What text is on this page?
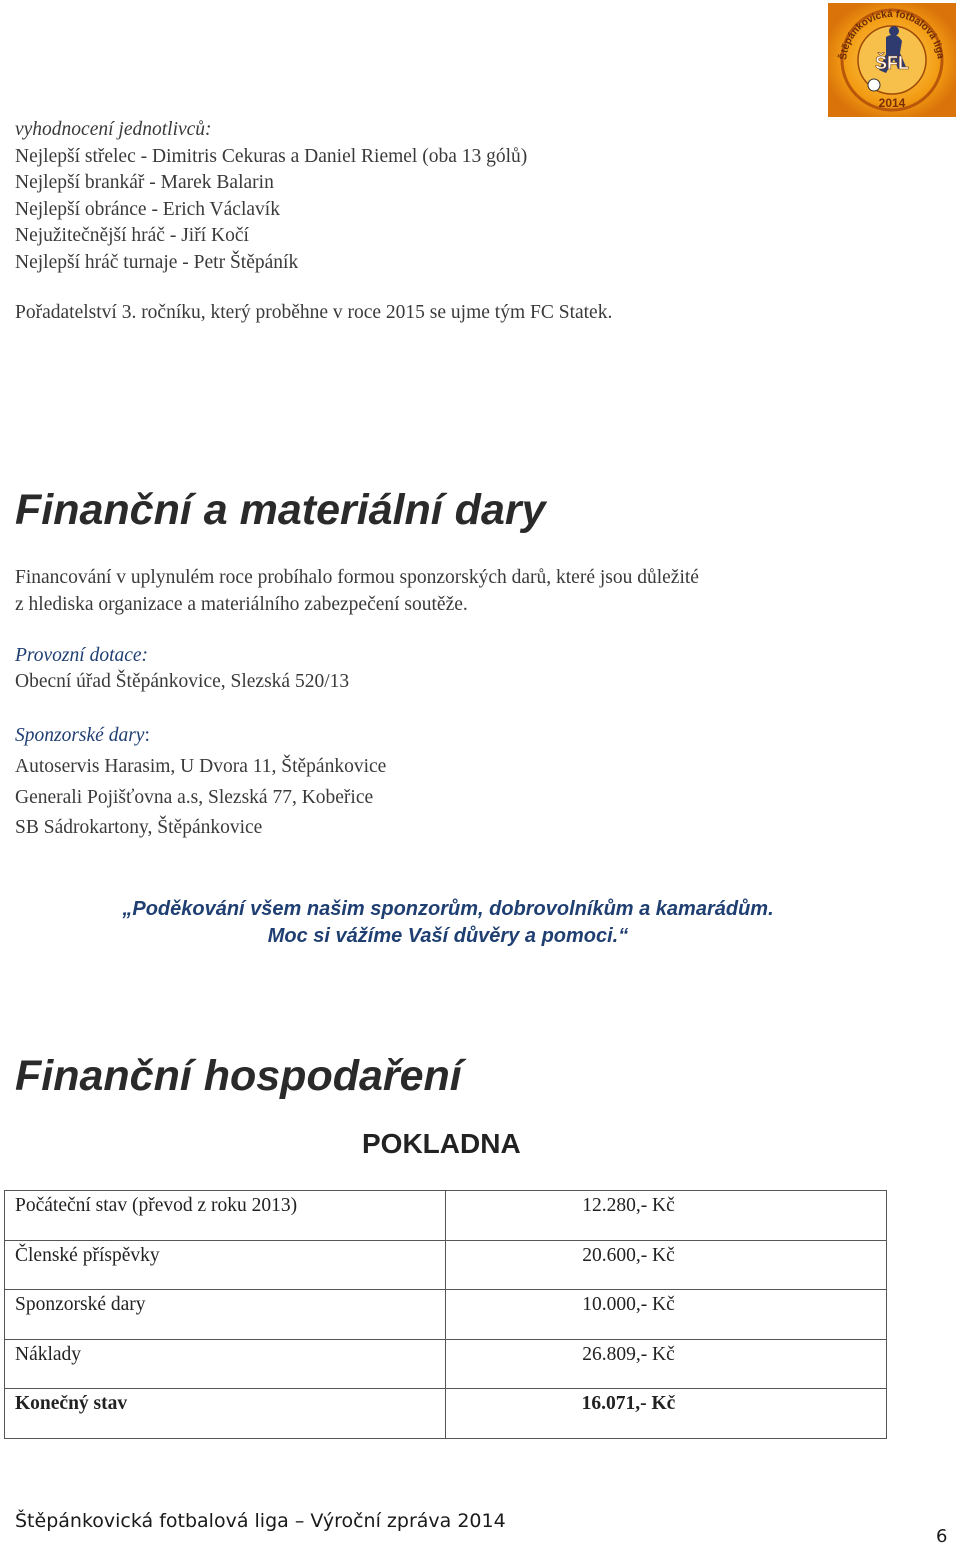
ŠFL
2014
Štěpánkovická fotbalová liga
vyhodnocení jednotlivců:
Nejlepší střelec - Dimitris Cekuras a Daniel Riemel (oba 13 gólů)
Nejlepší brankář - Marek Balarin
Nejlepší obránce - Erich Václavík
Nejužitečnější hráč - Jiří Kočí
Nejlepší hráč turnaje - Petr Štěpáník
Pořadatelství 3. ročníku, který proběhne v roce 2015 se ujme tým FC Statek.
Finanční a materiální dary
Financování v uplynulém roce probíhalo formou sponzorských darů, které jsou důležité
z hlediska organizace a materiálního zabezpečení soutěže.
Provozní dotace:
Obecní úřad Štěpánkovice, Slezská 520/13
Sponzorské dary:
Autoservis Harasim, U Dvora 11, Štěpánkovice
Generali Pojišťovna a.s, Slezská 77, Kobeřice
SB Sádrokartony, Štěpánkovice
„Poděkování všem našim sponzorům, dobrovolníkům a kamarádům.
Moc si vážíme Vaší důvěry a pomoci.“
Finanční hospodaření
POKLADNA
Počáteční stav (převod z roku 2013)	12.280,- Kč
Členské příspěvky	20.600,- Kč
Sponzorské dary	10.000,- Kč
Náklady	26.809,- Kč
Konečný stav	16.071,- Kč
Štěpánkovická fotbalová liga – Výroční zpráva 2014
6
